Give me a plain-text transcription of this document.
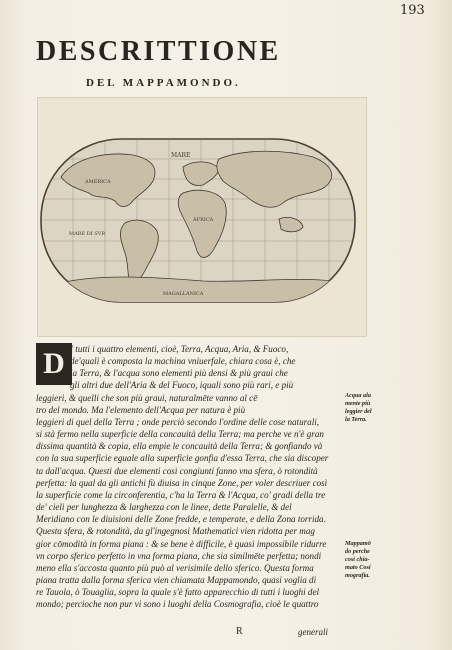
193
DESCRITTIONE
DEL MAPPAMONDO.
MARE
MARE DI SVR
AMERICA
AFRICA
MAGALLANICA
D I tutti i quattro elementi, cioè, Terra, Acqua, Aria, & Fuoco,
de'quali è composta la machina vniuerfale, chiara cosa è, che
la Terra, & l'acqua sono elementi più densi & più graui che
gli altri due dell'Aria & del Fuoco, iquali sono più rari, e più
leggieri, & quelli che son più graui, naturalmēte vanno al cē
tro del mondo. Ma l'elemento dell'Acqua per natura è più
leggieri di quel della Terra ; onde perciò secondo l'ordine delle cose naturali,
si stà fermo nella superficie della concauità della Terra; ma perche ve n'è gran
dissima quantità & copia, ella empie le concauità della Terra; & gonfiando và
con la sua superficie eguale alla superficie gonfia d'essa Terra, che sia discoper
ta dall'acqua. Questi due elementi così congiunti fanno vna sfera, ò rotondità
perfetta: la qual da gli antichi fù diuisa in cinque Zone, per voler descriuer così
la superficie come la circonferentia, c'ha la Terra & l'Acqua, co' gradi della tre
de' cieli per lunghezza & larghezza con le linee, dette Paralelle, & del
Meridiano con le diuisioni delle Zone fredde, e temperate, e della Zona torrida.
Questa sfera, & rotondità, da gl'ingegnosi Mathematici vien ridotta per mag
gior cōmodità in forma piana : & se bene è difficile, è quasi impossibile ridurre
vn corpo sferico perfetto in vna forma piana, che sia similmēte perfetta; nondi
meno ella s'accosta quanto più può al verisimile dello sferico. Questa forma
piana tratta dalla forma sferica vien chiamata Mappamondo, quasi voglia di
re Tauola, ò Touaglia, sopra la quale s'è fatto apparecchio di tutti i luoghi del
mondo; percioche non pur vi sono i luoghi della Cosmografia, cioè le quattro
Acqua ala
mente più
leggier del
la Terra.
Mappamō
do perche
così chia-
mato Cosi
mografia.
R	generali
